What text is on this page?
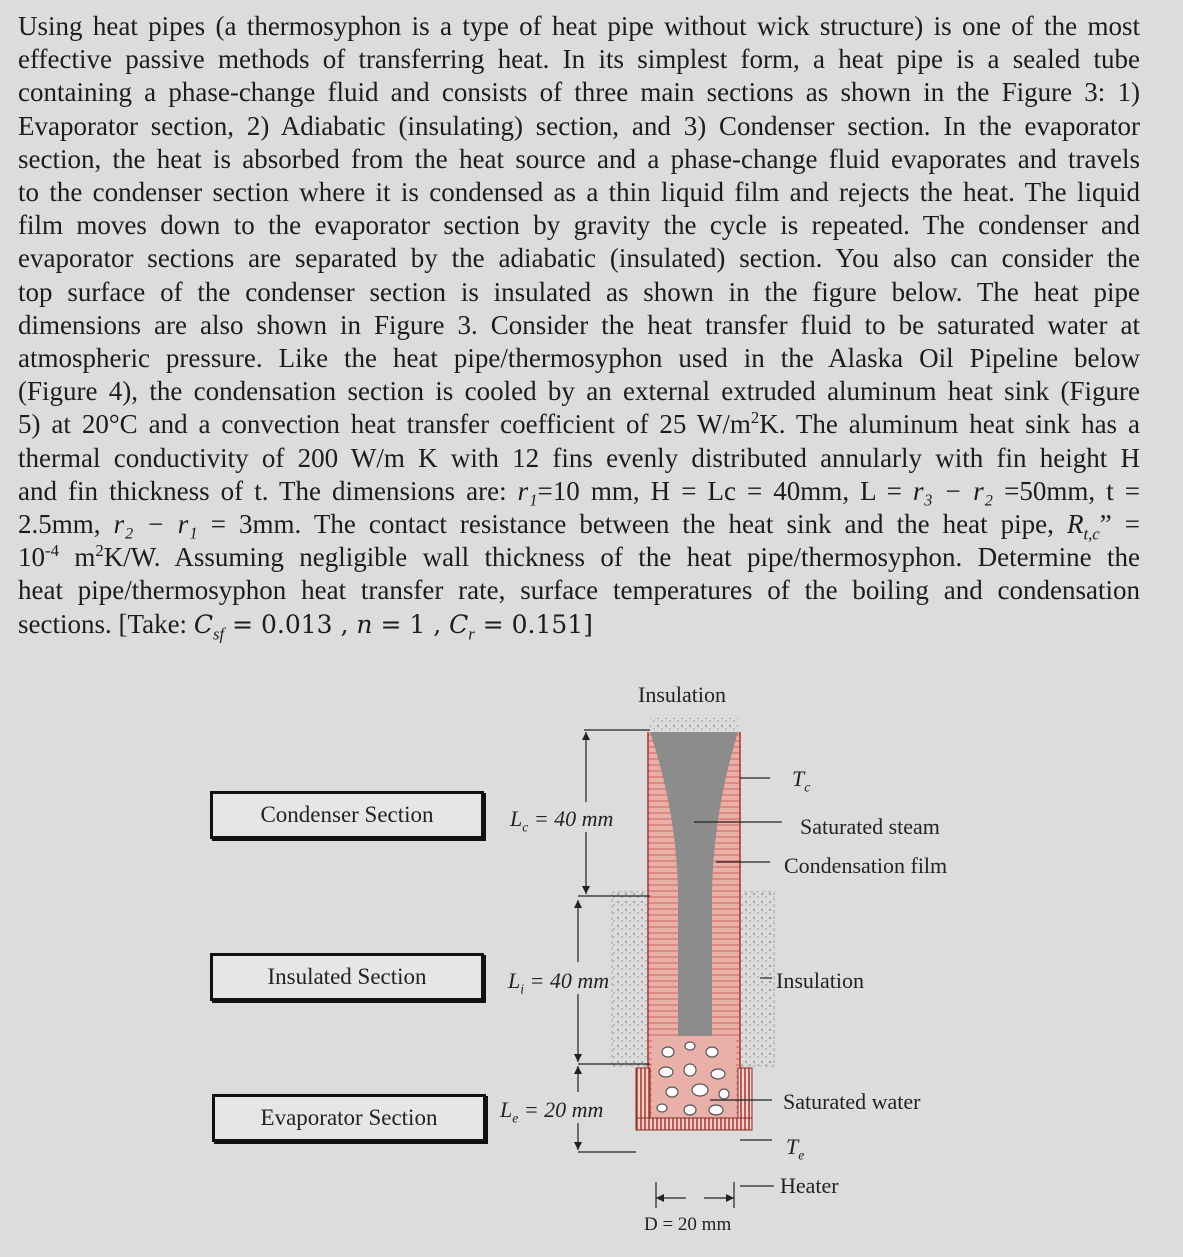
Using heat pipes (a thermosyphon is a type of heat pipe without wick structure) is one of the most
effective passive methods of transferring heat. In its simplest form, a heat pipe is a sealed tube
containing a phase-change fluid and consists of three main sections as shown in the Figure 3: 1)
Evaporator section, 2) Adiabatic (insulating) section, and 3) Condenser section. In the evaporator
section, the heat is absorbed from the heat source and a phase-change fluid evaporates and travels
to the condenser section where it is condensed as a thin liquid film and rejects the heat. The liquid
film moves down to the evaporator section by gravity the cycle is repeated. The condenser and
evaporator sections are separated by the adiabatic (insulated) section. You also can consider the
top surface of the condenser section is insulated as shown in the figure below. The heat pipe
dimensions are also shown in Figure 3. Consider the heat transfer fluid to be saturated water at
atmospheric pressure. Like the heat pipe/thermosyphon used in the Alaska Oil Pipeline below
(Figure 4), the condensation section is cooled by an external extruded aluminum heat sink (Figure
5) at 20°C and a convection heat transfer coefficient of 25 $W/m^2K$. The aluminum heat sink has a
thermal conductivity of 200 W/m K with 12 fins evenly distributed annularly with fin height H
and fin thickness of t. The dimensions are: r₁=10 mm, H = Lc = 40mm, L = r₃ − r₂ =50mm, t =
2.5mm, r₂ − r₁ = 3mm. The contact resistance between the heat sink and the heat pipe, $R_{t,c}$” =
$10^{-4}$ $m^2K/W$. Assuming negligible wall thickness of the heat pipe/thermosyphon. Determine the
heat pipe/thermosyphon heat transfer rate, surface temperatures of the boiling and condensation
sections. [Take: $C_{sf} = 0.013$ , n = 1 , $C_r = 0.151$]
Insulation
Condenser Section
Insulated Section
Evaporator Section
$L_c = 40$ mm
$L_i = 40$ mm
$L_e = 20$ mm
$T_c$
Saturated steam
Condensation film
Insulation
Saturated water
$T_e$
Heater
D = 20 mm
